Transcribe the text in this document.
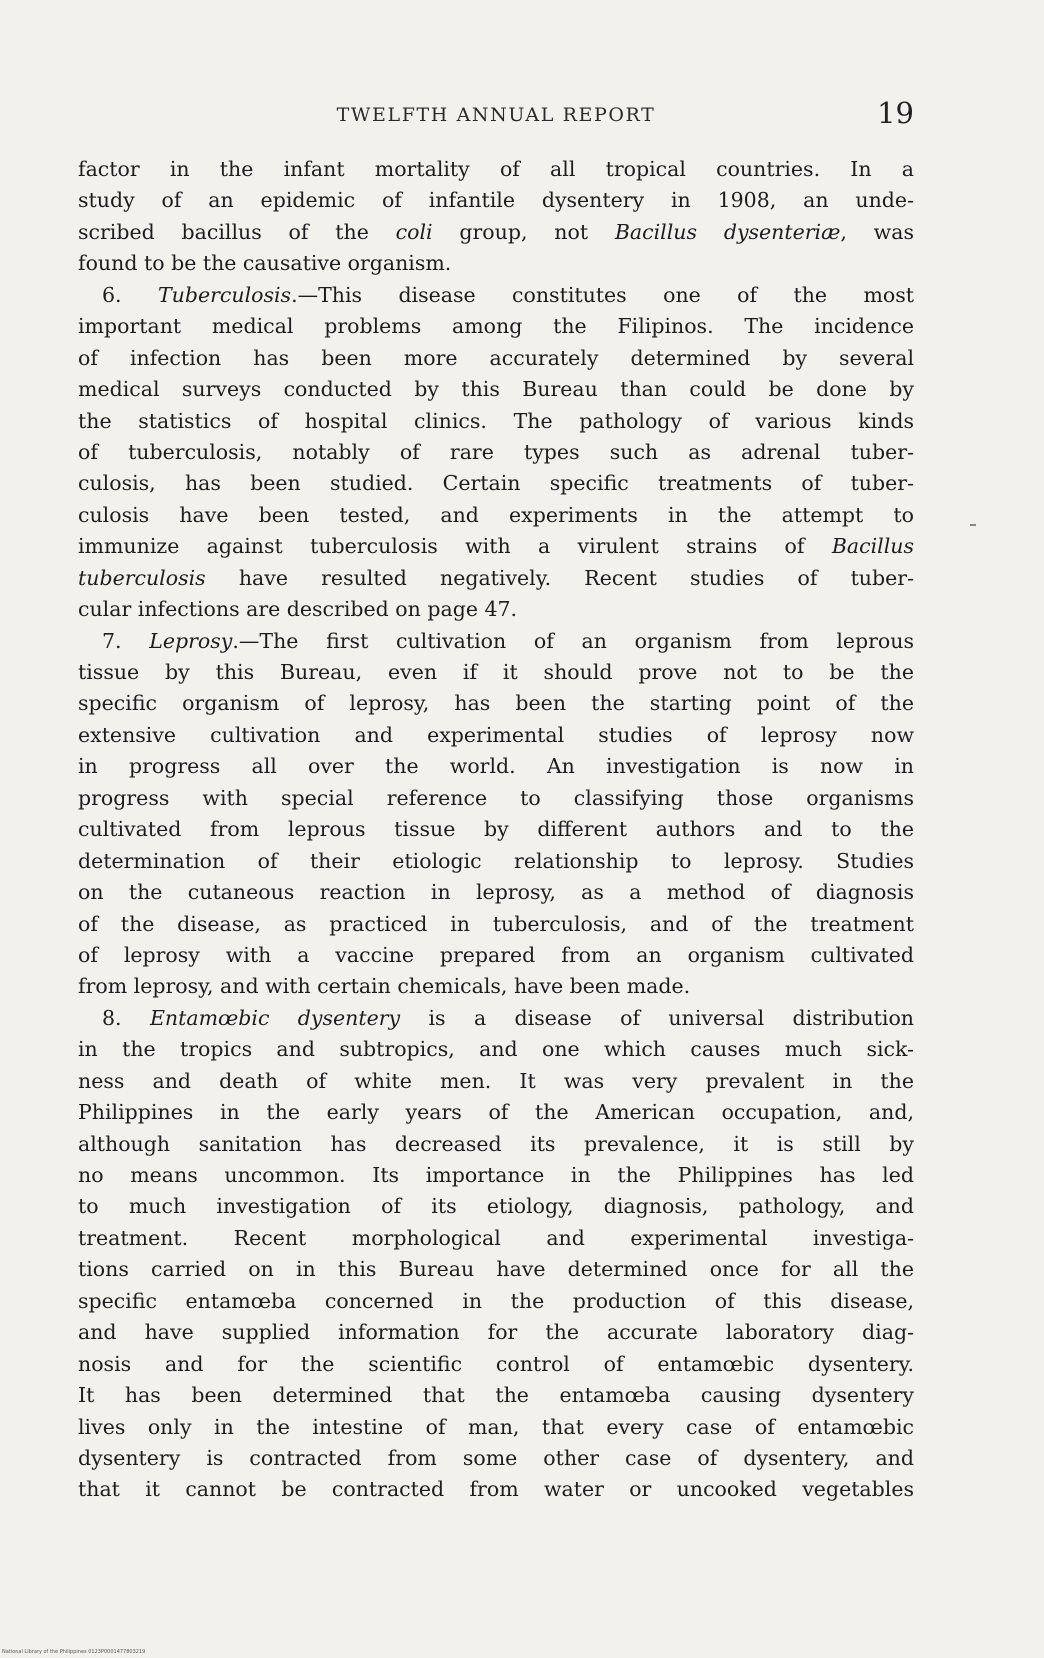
TWELFTH ANNUAL REPORT	19
factor in the infant mortality of all tropical countries. In a
study of an epidemic of infantile dysentery in 1908, an unde-
scribed bacillus of the coli group, not Bacillus dysenteriæ, was
found to be the causative organism.
6. Tuberculosis.—This disease constitutes one of the most
important medical problems among the Filipinos. The incidence
of infection has been more accurately determined by several
medical surveys conducted by this Bureau than could be done by
the statistics of hospital clinics. The pathology of various kinds
of tuberculosis, notably of rare types such as adrenal tuber-
culosis, has been studied. Certain specific treatments of tuber-
culosis have been tested, and experiments in the attempt to
immunize against tuberculosis with a virulent strains of Bacillus
tuberculosis have resulted negatively. Recent studies of tuber-
cular infections are described on page 47.
7. Leprosy.—The first cultivation of an organism from leprous
tissue by this Bureau, even if it should prove not to be the
specific organism of leprosy, has been the starting point of the
extensive cultivation and experimental studies of leprosy now
in progress all over the world. An investigation is now in
progress with special reference to classifying those organisms
cultivated from leprous tissue by different authors and to the
determination of their etiologic relationship to leprosy. Studies
on the cutaneous reaction in leprosy, as a method of diagnosis
of the disease, as practiced in tuberculosis, and of the treatment
of leprosy with a vaccine prepared from an organism cultivated
from leprosy, and with certain chemicals, have been made.
8. Entamœbic dysentery is a disease of universal distribution
in the tropics and subtropics, and one which causes much sick-
ness and death of white men. It was very prevalent in the
Philippines in the early years of the American occupation, and,
although sanitation has decreased its prevalence, it is still by
no means uncommon. Its importance in the Philippines has led
to much investigation of its etiology, diagnosis, pathology, and
treatment. Recent morphological and experimental investiga-
tions carried on in this Bureau have determined once for all the
specific entamœba concerned in the production of this disease,
and have supplied information for the accurate laboratory diag-
nosis and for the scientific control of entamœbic dysentery.
It has been determined that the entamœba causing dysentery
lives only in the intestine of man, that every case of entamœbic
dysentery is contracted from some other case of dysentery, and
that it cannot be contracted from water or uncooked vegetables
National Library of the Philippines 0123P0001477803219
